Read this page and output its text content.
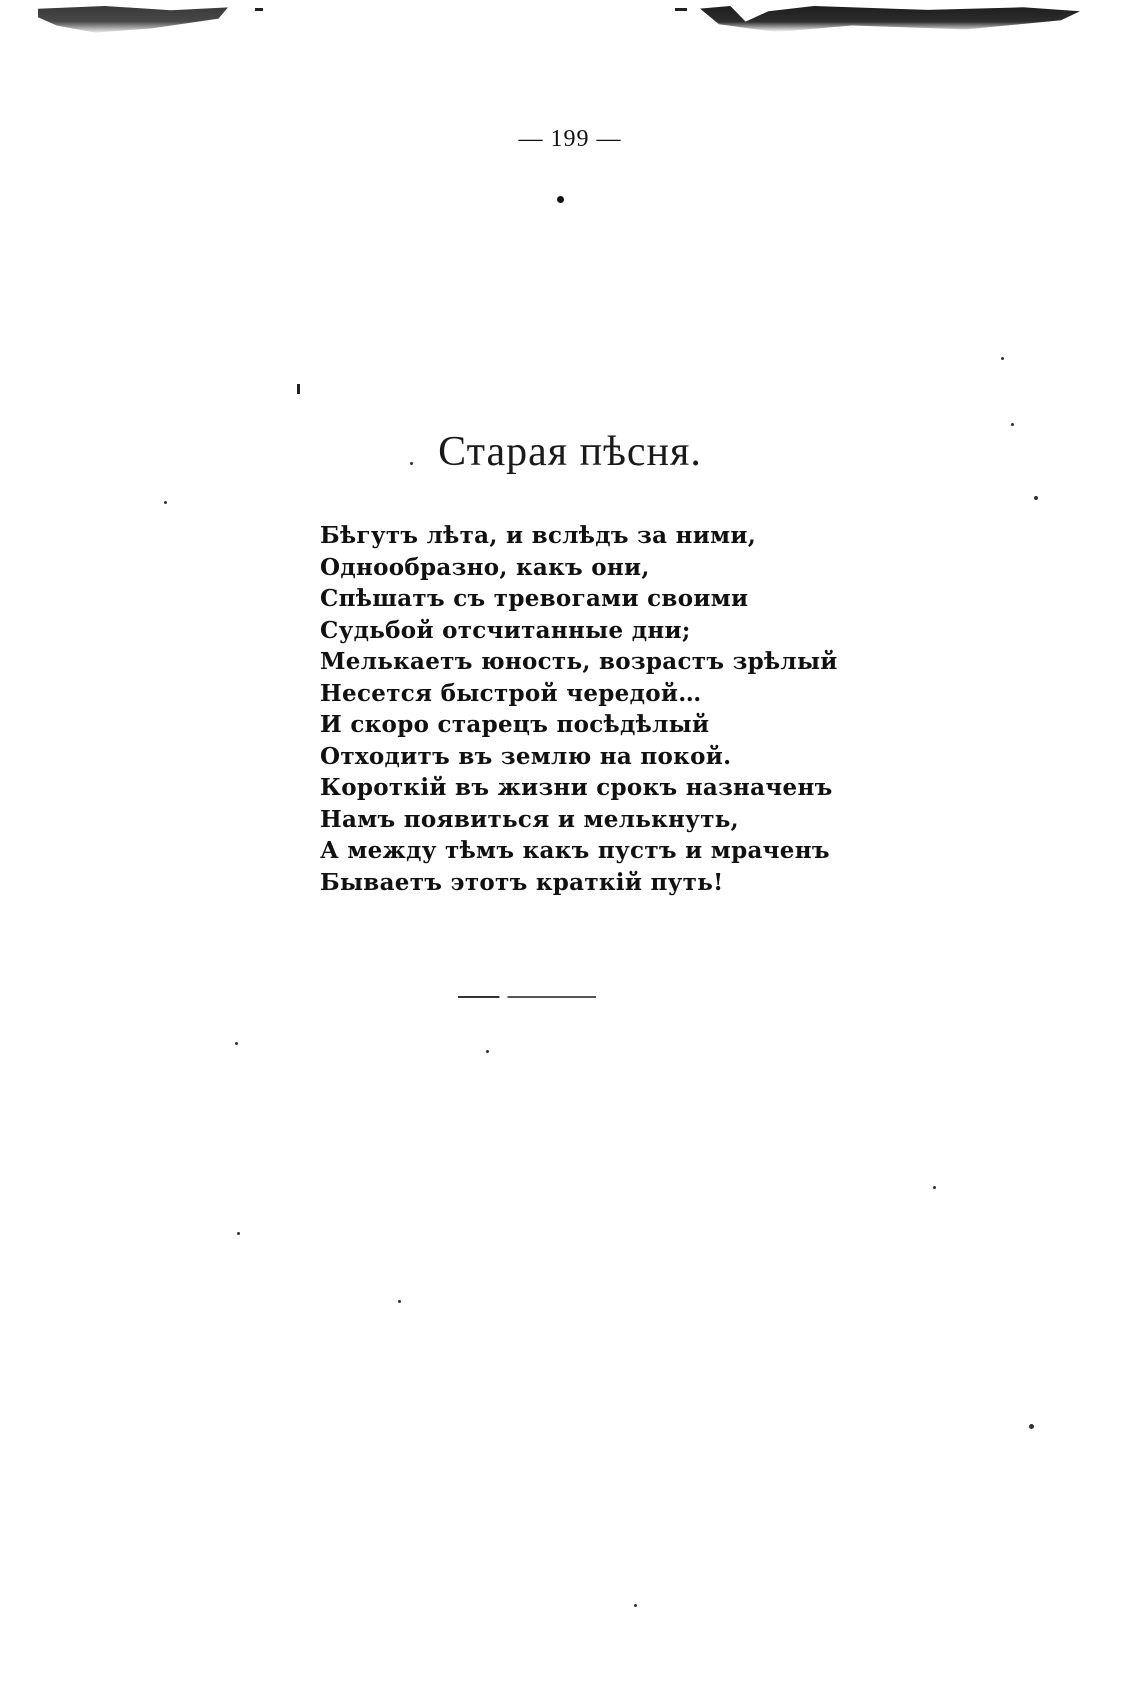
— 199 —
Старая пѣсня.
Бѣгутъ лѣта, и вслѣдъ за ними,
Однообразно, какъ они,
Спѣшатъ съ тревогами своими
Судьбой отсчитанные дни;
Мелькаетъ юность, возрастъ зрѣлый
Несется быстрой чередой…
И скоро старецъ посѣдѣлый
Отходитъ въ землю на покой.
Короткій въ жизни срокъ назначенъ
Намъ появиться и мелькнуть,
А между тѣмъ какъ пустъ и мраченъ
Бываетъ этотъ краткій путь!
